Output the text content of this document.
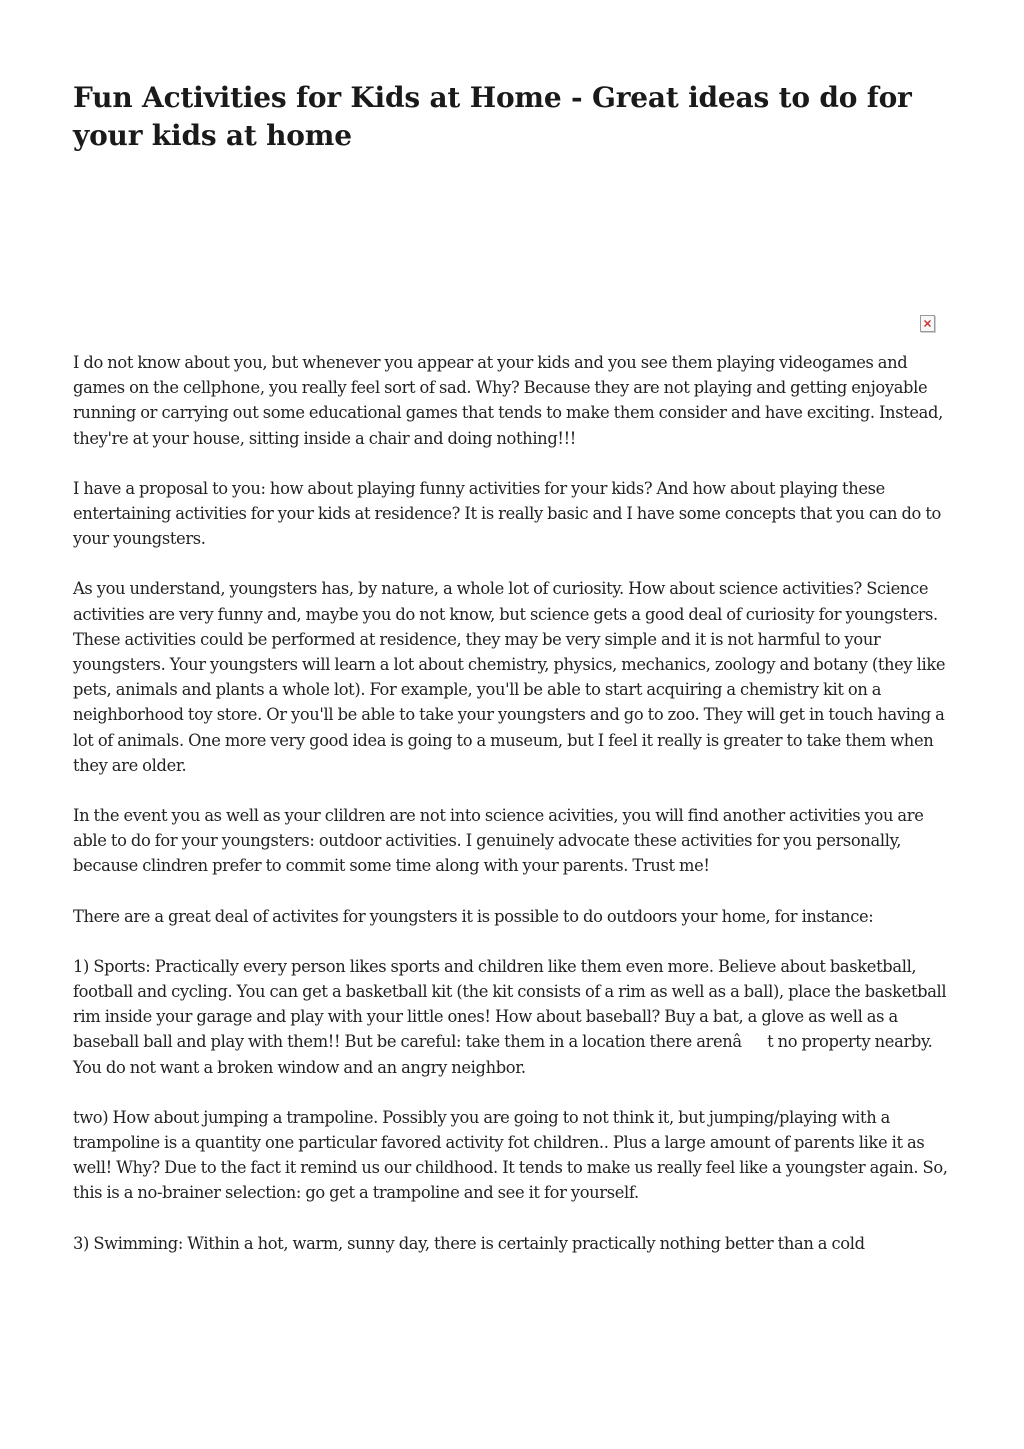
Fun Activities for Kids at Home - Great ideas to do for your kids at home

I do not know about you, but whenever you appear at your kids and you see them playing videogames and games on the cellphone, you really feel sort of sad. Why? Because they are not playing and getting enjoyable running or carrying out some educational games that tends to make them consider and have exciting. Instead, they're at your house, sitting inside a chair and doing nothing!!!

I have a proposal to you: how about playing funny activities for your kids? And how about playing these entertaining activities for your kids at residence? It is really basic and I have some concepts that you can do to your youngsters.

As you understand, youngsters has, by nature, a whole lot of curiosity. How about science activities? Science activities are very funny and, maybe you do not know, but science gets a good deal of curiosity for youngsters. These activities could be performed at residence, they may be very simple and it is not harmful to your youngsters. Your youngsters will learn a lot about chemistry, physics, mechanics, zoology and botany (they like pets, animals and plants a whole lot). For example, you'll be able to start acquiring a chemistry kit on a neighborhood toy store. Or you'll be able to take your youngsters and go to zoo. They will get in touch having a lot of animals. One more very good idea is going to a museum, but I feel it really is greater to take them when they are older.

In the event you as well as your clildren are not into science acivities, you will find another activities you are able to do for your youngsters: outdoor activities. I genuinely advocate these activities for you personally, because clindren prefer to commit some time along with your parents. Trust me!

There are a great deal of activites for youngsters it is possible to do outdoors your home, for instance:

1) Sports: Practically every person likes sports and children like them even more. Believe about basketball, football and cycling. You can get a basketball kit (the kit consists of a rim as well as a ball), place the basketball rim inside your garage and play with your little ones! How about baseball? Buy a bat, a glove as well as a baseball ball and play with them!! But be careful: take them in a location there arenât no property nearby. You do not want a broken window and an angry neighbor.

two) How about jumping a trampoline. Possibly you are going to not think it, but jumping/playing with a trampoline is a quantity one particular favored activity fot children.. Plus a large amount of parents like it as well! Why? Due to the fact it remind us our childhood. It tends to make us really feel like a youngster again. So, this is a no-brainer selection: go get a trampoline and see it for yourself.

3) Swimming: Within a hot, warm, sunny day, there is certainly practically nothing better than a cold
